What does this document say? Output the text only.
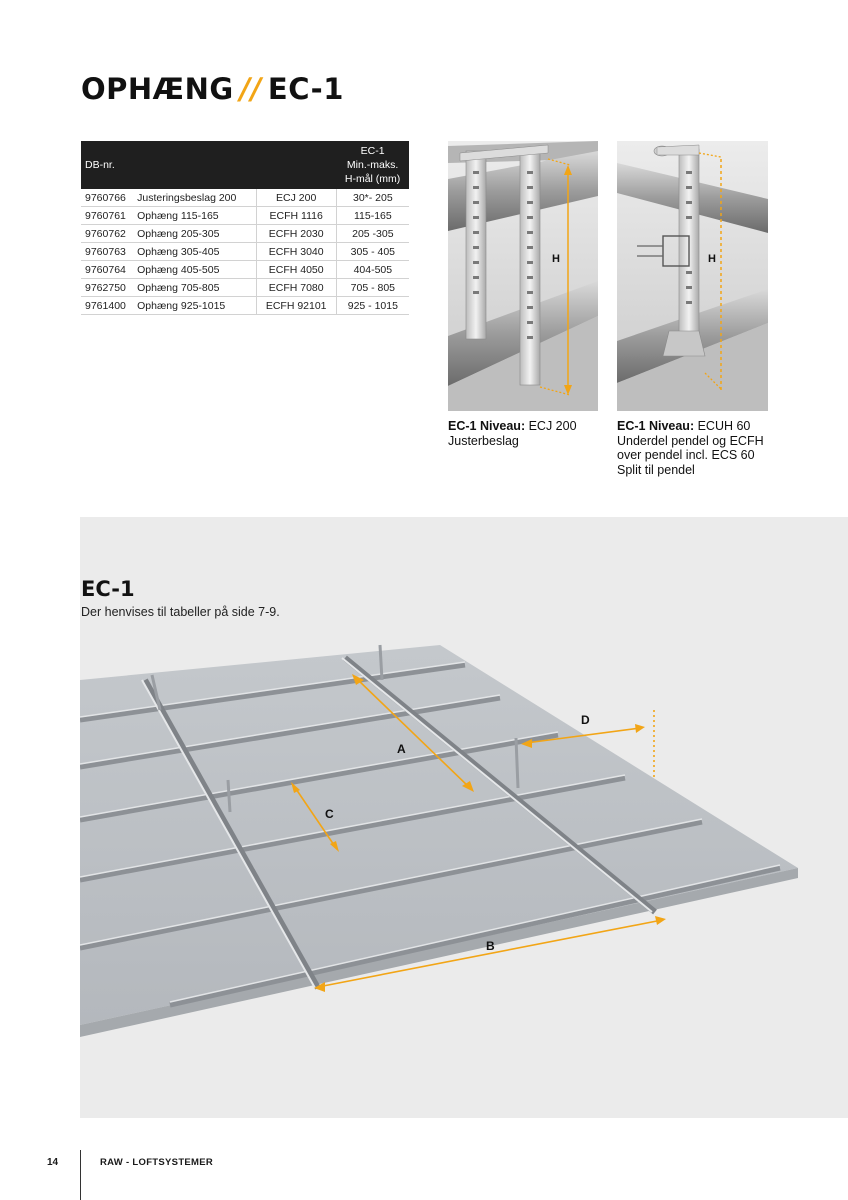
OPHÆNG // EC-1
DB-nr.			EC-1
Min.-maks.
H-mål (mm)
9760766	Justeringsbeslag 200	ECJ 200	30*- 205
9760761	Ophæng 115-165	ECFH 1116	115-165
9760762	Ophæng 205-305	ECFH 2030	205 -305
9760763	Ophæng 305-405	ECFH 3040	305 - 405
9760764	Ophæng 405-505	ECFH 4050	404-505
9762750	Ophæng 705-805	ECFH 7080	705 - 805
9761400	Ophæng 925-1015	ECFH 92101	925 - 1015
H
EC-1 Niveau: ECJ 200 Justerbeslag
H
EC-1 Niveau: ECUH 60 Underdel pendel og ECFH over pendel incl. ECS 60 Split til pendel
EC-1
Der henvises til tabeller på side 7-9.
A
B
C
D
14	RAW - LOFTSYSTEMER
